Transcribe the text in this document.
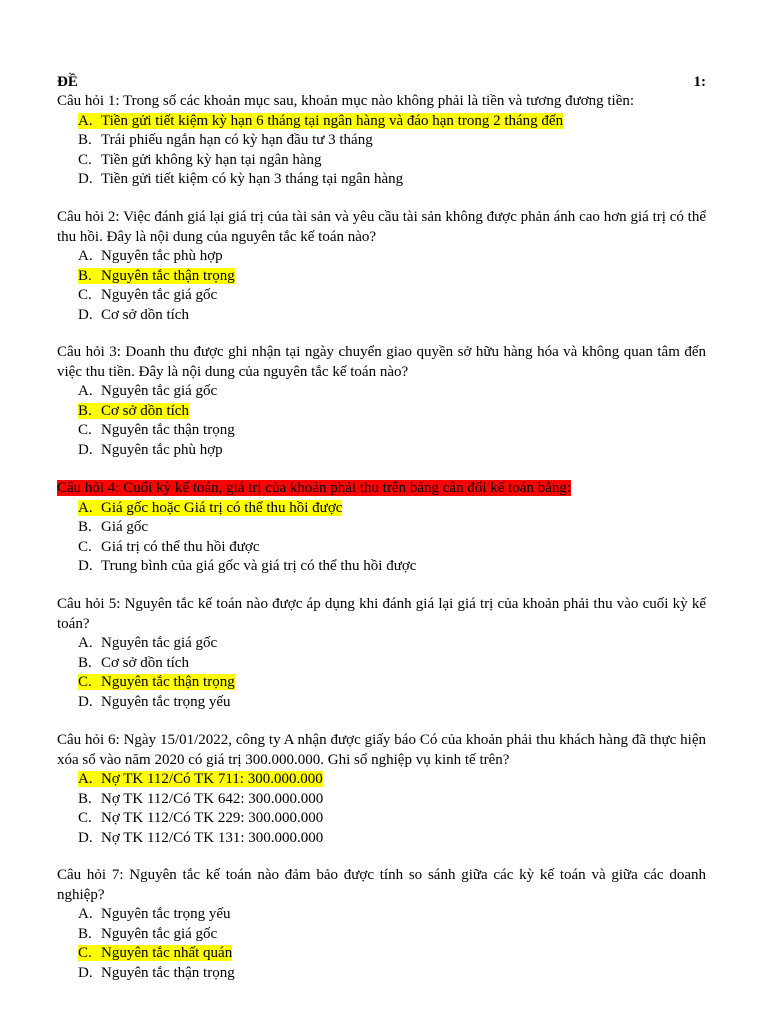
ĐỀ	1:
Câu hỏi 1: Trong số các khoản mục sau, khoản mục nào không phải là tiền và tương đương tiền:
A. Tiền gửi tiết kiệm kỳ hạn 6 tháng tại ngân hàng và đáo hạn trong 2 tháng đến
B. Trái phiếu ngắn hạn có kỳ hạn đầu tư 3 tháng
C. Tiền gửi không kỳ hạn tại ngân hàng
D. Tiền gửi tiết kiệm có kỳ hạn 3 tháng tại ngân hàng
Câu hỏi 2: Việc đánh giá lại giá trị của tài sản và yêu cầu tài sản không được phản ánh cao hơn giá trị có thể thu hồi. Đây là nội dung của nguyên tắc kế toán nào?
A. Nguyên tắc phù hợp
B. Nguyên tắc thận trọng
C. Nguyên tắc giá gốc
D. Cơ sở dồn tích
Câu hỏi 3: Doanh thu được ghi nhận tại ngày chuyển giao quyền sở hữu hàng hóa và không quan tâm đến việc thu tiền. Đây là nội dung của nguyên tắc kế toán nào?
A. Nguyên tắc giá gốc
B. Cơ sở dồn tích
C. Nguyên tắc thận trọng
D. Nguyên tắc phù hợp
Câu hỏi 4: Cuối kỳ kế toán, giá trị của khoản phải thu trên bảng cân đối kế toán bằng:
A. Giá gốc hoặc Giá trị có thể thu hồi được
B. Giá gốc
C. Giá trị có thể thu hồi được
D. Trung bình của giá gốc và giá trị có thể thu hồi được
Câu hỏi 5: Nguyên tắc kế toán nào được áp dụng khi đánh giá lại giá trị của khoản phải thu vào cuối kỳ kế toán?
A. Nguyên tắc giá gốc
B. Cơ sở dồn tích
C. Nguyên tắc thận trọng
D. Nguyên tắc trọng yếu
Câu hỏi 6: Ngày 15/01/2022, công ty A nhận được giấy báo Có của khoản phải thu khách hàng đã thực hiện xóa sổ vào năm 2020 có giá trị 300.000.000. Ghi sổ nghiệp vụ kinh tế trên?
A. Nợ TK 112/Có TK 711: 300.000.000
B. Nợ TK 112/Có TK 642: 300.000.000
C. Nợ TK 112/Có TK 229: 300.000.000
D. Nợ TK 112/Có TK 131: 300.000.000
Câu hỏi 7: Nguyên tắc kế toán nào đảm bảo được tính so sánh giữa các kỳ kế toán và giữa các doanh nghiệp?
A. Nguyên tắc trọng yếu
B. Nguyên tắc giá gốc
C. Nguyên tắc nhất quán
D. Nguyên tắc thận trọng
